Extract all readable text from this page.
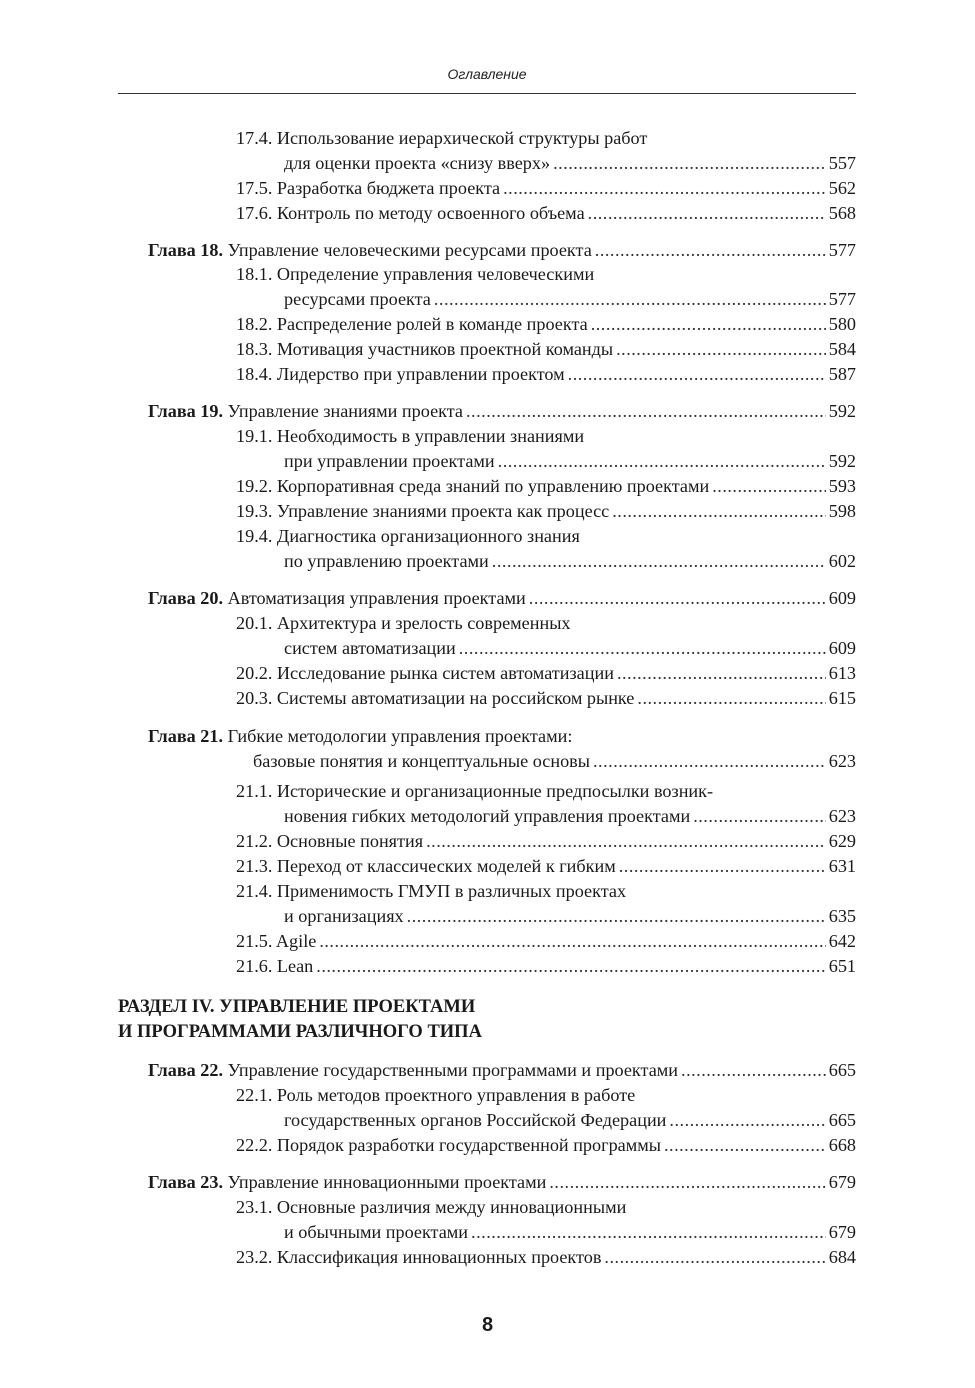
Оглавление
17.4. Использование иерархической структуры работ
для оценки проекта «снизу вверх» .....	557
17.5. Разработка бюджета проекта .....	562
17.6. Контроль по методу освоенного объема .....	568
Глава 18. Управление человеческими ресурсами проекта .....	577
18.1. Определение управления человеческими
ресурсами проекта .....	577
18.2. Распределение ролей в команде проекта .....	580
18.3. Мотивация участников проектной команды .....	584
18.4. Лидерство при управлении проектом .....	587
Глава 19. Управление знаниями проекта .....	592
19.1. Необходимость в управлении знаниями
при управлении проектами .....	592
19.2. Корпоративная среда знаний по управлению проектами .....	593
19.3. Управление знаниями проекта как процесс .....	598
19.4. Диагностика организационного знания
по управлению проектами .....	602
Глава 20. Автоматизация управления проектами .....	609
20.1. Архитектура и зрелость современных
систем автоматизации .....	609
20.2. Исследование рынка систем автоматизации .....	613
20.3. Системы автоматизации на российском рынке .....	615
Глава 21. Гибкие методологии управления проектами:
базовые понятия и концептуальные основы .....	623
21.1. Исторические и организационные предпосылки возник-
новения гибких методологий управления проектами .....	623
21.2. Основные понятия .....	629
21.3. Переход от классических моделей к гибким .....	631
21.4. Применимость ГМУП в различных проектах
и организациях .....	635
21.5. Agile .....	642
21.6. Lean .....	651
РАЗДЕЛ IV. УПРАВЛЕНИЕ ПРОЕКТАМИ
И ПРОГРАММАМИ РАЗЛИЧНОГО ТИПА
Глава 22. Управление государственными программами и проектами .....	665
22.1. Роль методов проектного управления в работе
государственных органов Российской Федерации .....	665
22.2. Порядок разработки государственной программы .....	668
Глава 23. Управление инновационными проектами .....	679
23.1. Основные различия между инновационными
и обычными проектами .....	679
23.2. Классификация инновационных проектов .....	684
8
